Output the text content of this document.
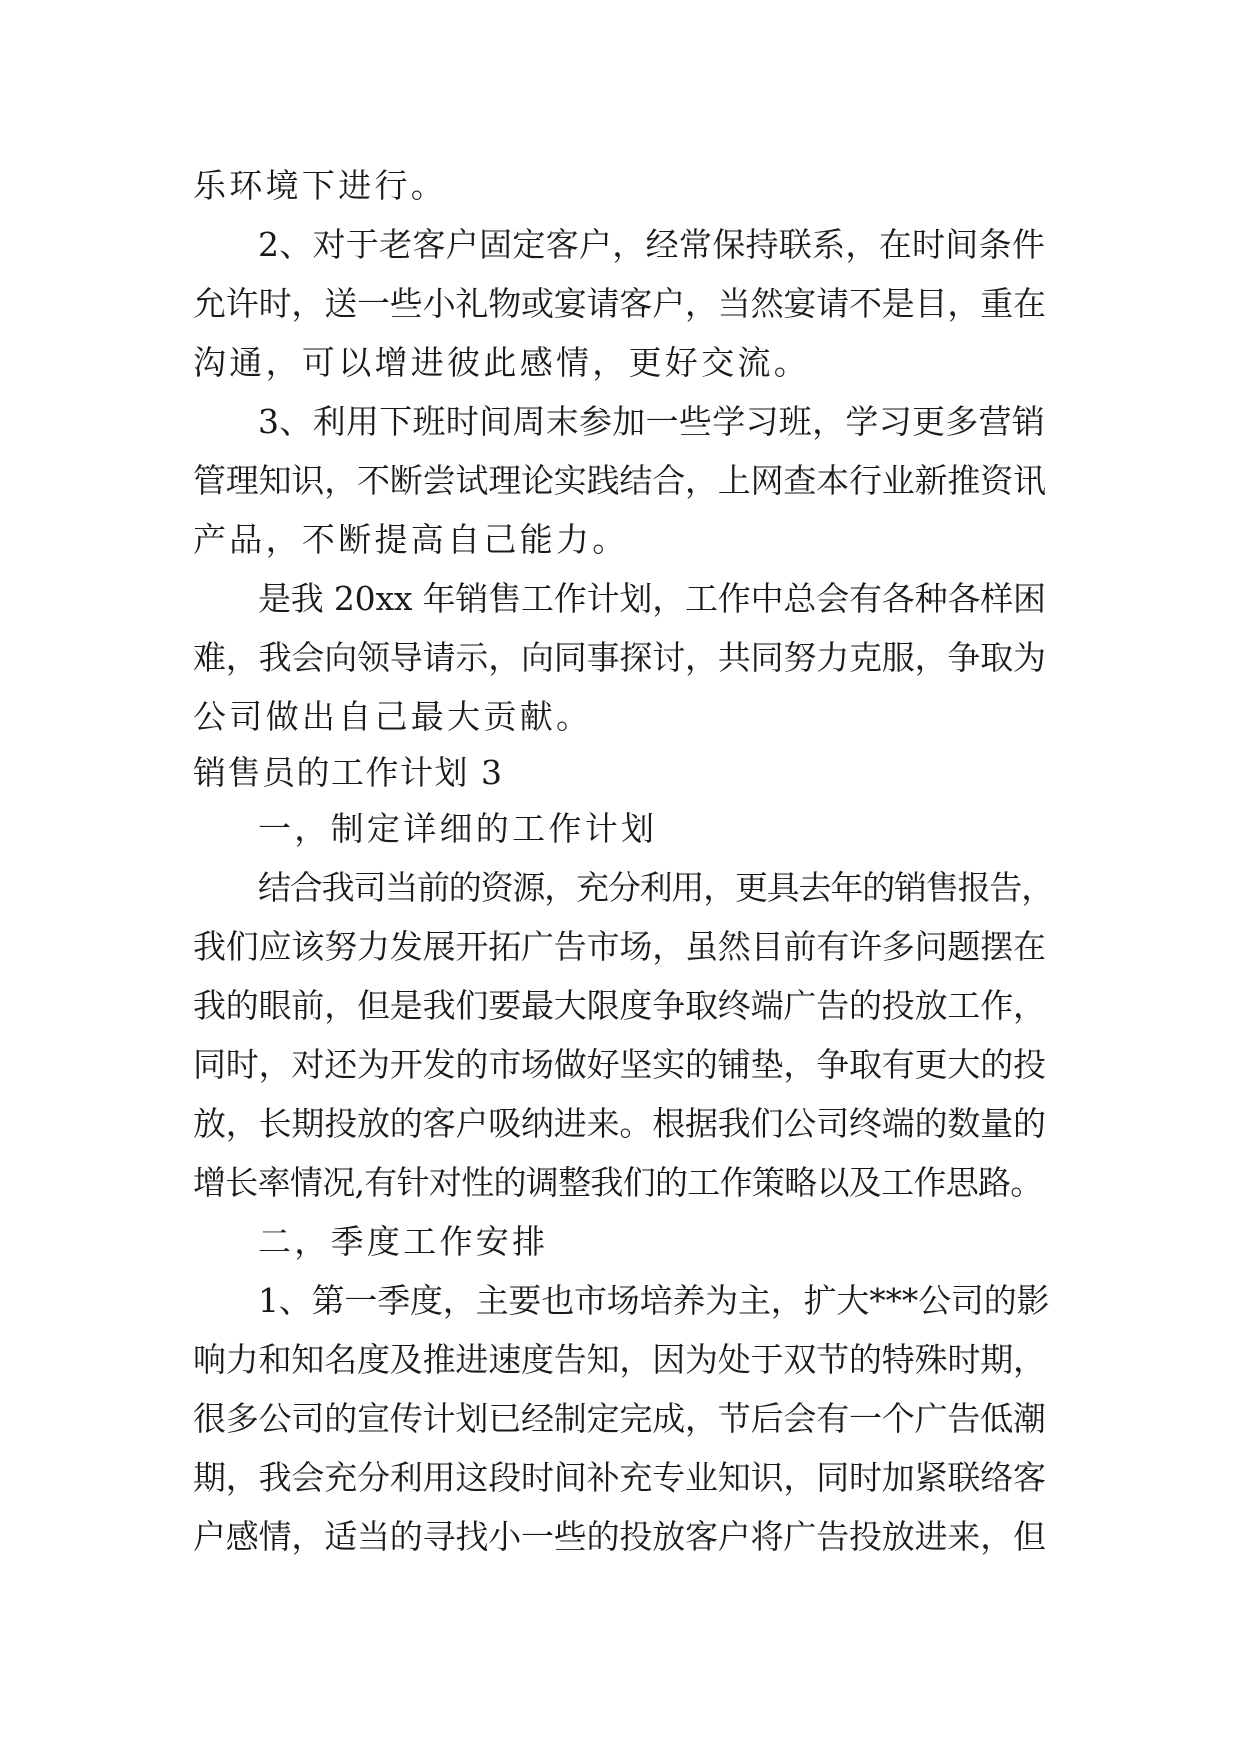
乐环境下进行。
2、对于老客户固定客户，经常保持联系，在时间条件
允许时，送一些小礼物或宴请客户，当然宴请不是目，重在
沟通，可以增进彼此感情，更好交流。
3、利用下班时间周末参加一些学习班，学习更多营销
管理知识，不断尝试理论实践结合，上网查本行业新推资讯
产品，不断提高自己能力。
是我 20xx 年销售工作计划，工作中总会有各种各样困
难，我会向领导请示，向同事探讨，共同努力克服，争取为
公司做出自己最大贡献。
销售员的工作计划 3
一，制定详细的工作计划
结合我司当前的资源，充分利用，更具去年的销售报告，
我们应该努力发展开拓广告市场，虽然目前有许多问题摆在
我的眼前，但是我们要最大限度争取终端广告的投放工作，
同时，对还为开发的市场做好坚实的铺垫，争取有更大的投
放，长期投放的客户吸纳进来。根据我们公司终端的数量的
增长率情况,有针对性的调整我们的工作策略以及工作思路。
二，季度工作安排
1、第一季度，主要也市场培养为主，扩大***公司的影
响力和知名度及推进速度告知，因为处于双节的特殊时期，
很多公司的宣传计划已经制定完成，节后会有一个广告低潮
期，我会充分利用这段时间补充专业知识，同时加紧联络客
户感情，适当的寻找小一些的投放客户将广告投放进来，但
